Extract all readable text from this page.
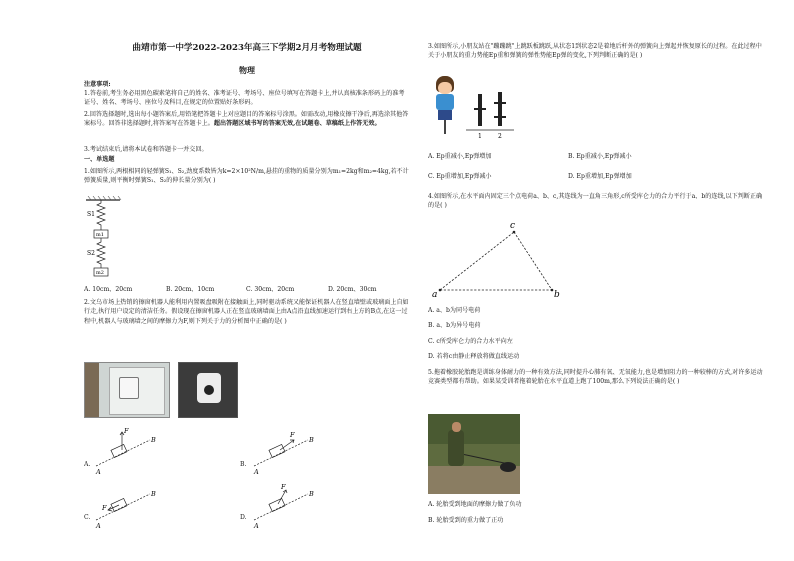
曲靖市第一中学2022-2023年高三下学期2月月考物理试题
物理
注意事项:
1.答卷前,考生务必用黑色碳素笔将自己的姓名、准考证号、考场号、座位号填写在答题卡上,并认真核准条形码上的准考证号、姓名、考场号、座位号及科目,在规定的位置贴好条形码。
2.回答选择题时,选出每小题答案后,用铅笔把答题卡上对应题目的答案标号涂黑。如需改动,用橡皮擦干净后,再选涂其他答案标号。回答非选择题时,将答案写在答题卡上。超出答题区域书写的答案无效,在试题卷、草稿纸上作答无效。
3.考试结束后,请将本试卷和答题卡一并交回。
一、单选题
1.如图所示,两根相同的轻弹簧S₁、S₂,劲度系数皆为k=2×10²N/m,悬挂的重物的质量分别为m₁=2kg和m₂=4kg,若不计弹簧质量,则平衡时弹簧S₁、S₂的伸长量分别为( )
S1
m1
S2
m2
A. 10cm、20cm	B. 20cm、10cm	C. 30cm、20cm	D. 20cm、30cm
2.文乌市场上热销的擦窗机器人能利用内置吸盘吸附在接触面上,同时驱动系统又能保证机器人在竖直墙壁或玻璃面上自如行走,执行用户设定的清洁任务。假设现在擦窗机器人正在竖直玻璃墙面上由A点沿直线加速运行到右上方的B点,在这一过程中,机器人与玻璃墙之间的摩擦力为F,则下列关于力的分析图中正确的是( )
F
A
B
F
A
B
F
A
B
F
A
B
A.	B.
C.	D.
3.如图所示,小朋友站在"蹦蹦跳"上跳跃板跳跃,从状态1到状态2是着地后杆外的弹簧向上弹起并恢复原长的过程。在此过程中关于小朋友的重力势能Ep重和弹簧的弹性势能Ep弹的变化,下列判断正确的是( )
1	2
A. Ep重减小,Ep弹增加	B. Ep重减小,Ep弹减小
C. Ep重增加,Ep弹减小	D. Ep重增加,Ep弹增加
4.如图所示,在水平面内固定三个点电荷a、b、c,其连线为一直角三角形,c所受库仑力的合力平行于a、b的连线,以下判断正确的是( )
a
c
b
A. a、b为同号电荷
B. a、b为异号电荷
C. c所受库仑力的合力水平向左
D. 若将c由静止释放将做直线运动
5.拖着橡胶轮胎跑是训练身体耐力的一种有效方法,同时提升心肺有氧、无氧能力,也是增加阻力的一种较棒的方式,对许多运动竞赛类型都有帮助。如果某受训者拖着轮胎在水平直道上跑了100m,那么下列说法正确的是( )
A. 轮胎受到地面的摩擦力做了负功
B. 轮胎受到的重力做了正功
